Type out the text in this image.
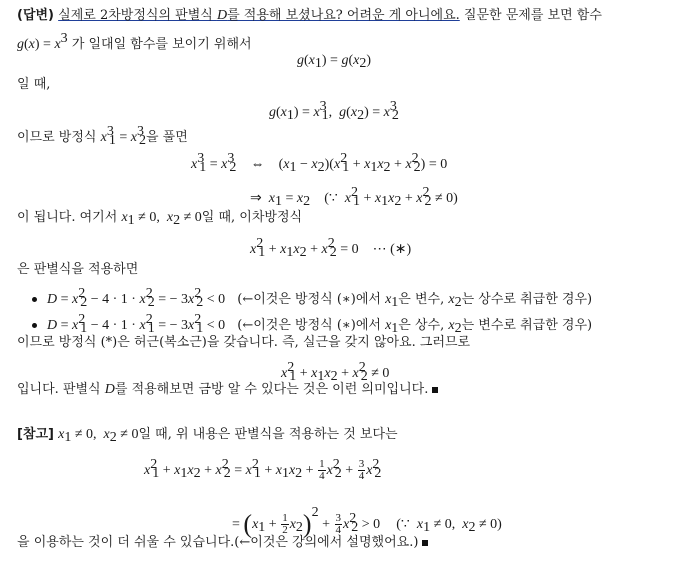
(답변) 실제로 2차방정식의 판별식 D를 적용해 보셨나요? 어려운 게 아니에요. 질문한 문제를 보면 함수
$g(x) = x^3$ 가 일대일 함수를 보이기 위해서
$g(x_1) = g(x_2)$
일 때,
$g(x_1) = x^3_1$,  $g(x_2) = x^3_2$
이므로 방정식 $x^3_1 = x^3_2$을 풀면
$x^3_1 = x^3_2$ ⇔ $(x_1 - x_2)(x^2_1 + x_1x_2 + x^2_2) = 0$
⇒  $x_1 = x_2$ (∵  $x^2_1 + x_1x_2 + x^2_2 \ne 0$)
이 됩니다. 여기서 $x_1 \ne 0$,  $x_2 \ne 0$일 때, 이차방정식
$x^2_1 + x_1x_2 + x^2_2 = 0$    ⋯ (∗)
은 판별식을 적용하면
$D = x^2_2 - 4 \cdot 1 \cdot x^2_2$ = − $3x^2_2 < 0$ (←이것은 방정식 (∗)에서 $x_1$은 변수, $x_2$는 상수로 취급한 경우)
$D = x^2_1 - 4 \cdot 1 \cdot x^2_1$ = − $3x^2_1 < 0$ (←이것은 방정식 (∗)에서 $x_1$은 상수, $x_2$는 변수로 취급한 경우)
이므로 방정식 (*)은 허근(복소근)을 갖습니다. 즉, 실근을 갖지 않아요. 그러므로
$x^2_1 + x_1x_2 + x^2_2 \ne 0$
입니다. 판별식 D를 적용해보면 금방 알 수 있다는 것은 이런 의미입니다.
[참고] $x_1 \ne 0$,  $x_2 \ne 0$일 때, 위 내용은 판별식을 적용하는 것 보다는
$x^2_1 + x_1x_2 + x^2_2 = x^2_1 + x_1x_2 + \frac{1}{4} x^2_2 + \frac{3}{4} x^2_2$
= $(x_1 + \frac{1}{2} x_2)^2 + \frac{3}{4} x^2_2 > 0$ (∵  $x_1 \ne 0$,  $x_2 \ne 0$)
을 이용하는 것이 더 쉬울 수 있습니다.(←이것은 강의에서 설명했어요.)
